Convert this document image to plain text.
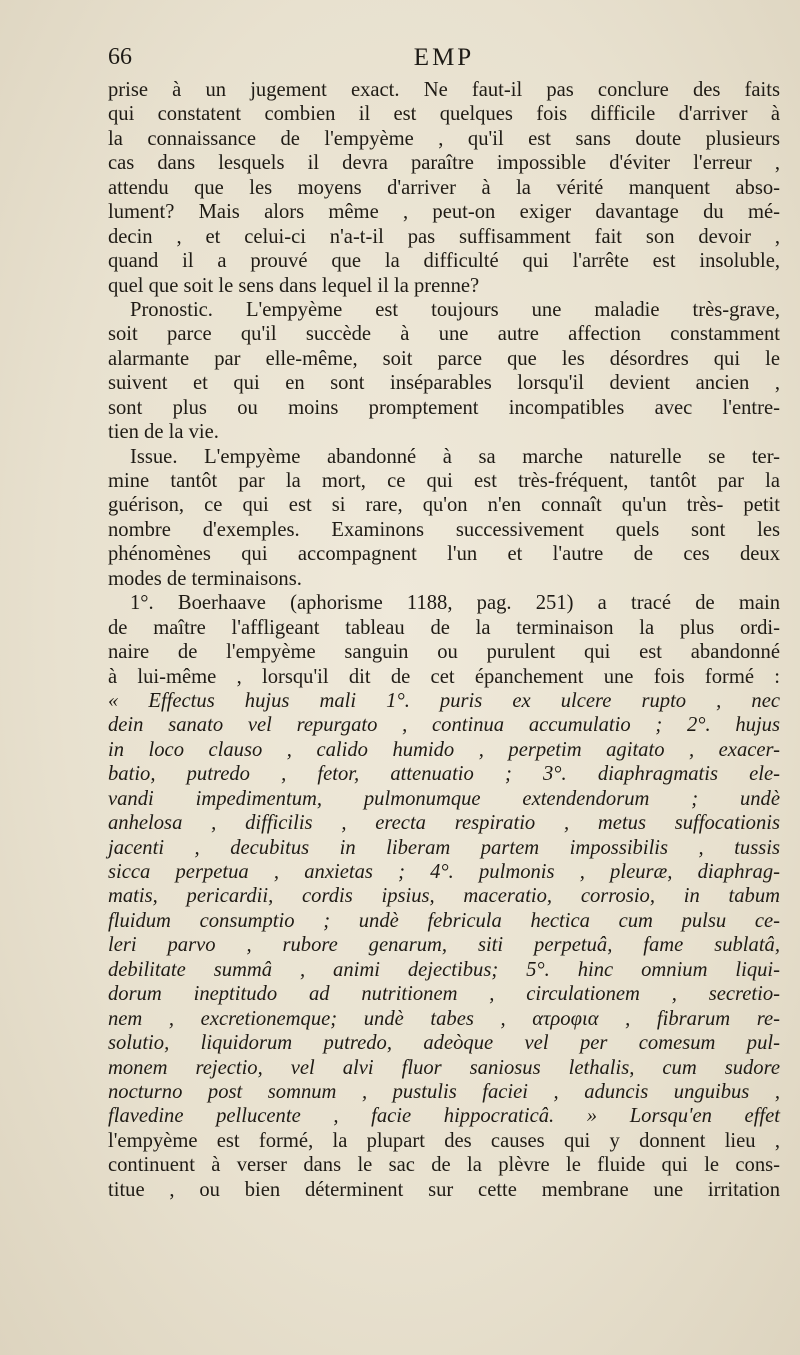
66	EMP
prise à un jugement exact. Ne faut-il pas conclure des faits
qui constatent combien il est quelques fois difficile d'arriver à
la connaissance de l'empyème , qu'il est sans doute plusieurs
cas dans lesquels il devra paraître impossible d'éviter l'erreur ,
attendu que les moyens d'arriver à la vérité manquent abso-
lument? Mais alors même , peut-on exiger davantage du mé-
decin , et celui-ci n'a-t-il pas suffisamment fait son devoir ,
quand il a prouvé que la difficulté qui l'arrête est insoluble,
quel que soit le sens dans lequel il la prenne?
Pronostic. L'empyème est toujours une maladie très-grave,
soit parce qu'il succède à une autre affection constamment
alarmante par elle-même, soit parce que les désordres qui le
suivent et qui en sont inséparables lorsqu'il devient ancien ,
sont plus ou moins promptement incompatibles avec l'entre-
tien de la vie.
Issue. L'empyème abandonné à sa marche naturelle se ter-
mine tantôt par la mort, ce qui est très-fréquent, tantôt par la
guérison, ce qui est si rare, qu'on n'en connaît qu'un très- petit
nombre d'exemples. Examinons successivement quels sont les
phénomènes qui accompagnent l'un et l'autre de ces deux
modes de terminaisons.
1°. Boerhaave (aphorisme 1188, pag. 251) a tracé de main
de maître l'affligeant tableau de la terminaison la plus ordi-
naire de l'empyème sanguin ou purulent qui est abandonné
à lui-même , lorsqu'il dit de cet épanchement une fois formé :
« Effectus hujus mali 1°. puris ex ulcere rupto , nec
dein sanato vel repurgato , continua accumulatio ; 2°. hujus
in loco clauso , calido humido , perpetim agitato , exacer-
batio, putredo , fetor, attenuatio ; 3°. diaphragmatis ele-
vandi impedimentum, pulmonumque extendendorum ; undè
anhelosa , difficilis , erecta respiratio , metus suffocationis
jacenti , decubitus in liberam partem impossibilis , tussis
sicca perpetua , anxietas ; 4°. pulmonis , pleuræ, diaphrag-
matis, pericardii, cordis ipsius, maceratio, corrosio, in tabum
fluidum consumptio ; undè febricula hectica cum pulsu ce-
leri parvo , rubore genarum, siti perpetuâ, fame sublatâ,
debilitate summâ , animi dejectibus; 5°. hinc omnium liqui-
dorum ineptitudo ad nutritionem , circulationem , secretio-
nem , excretionemque; undè tabes , ατροφια , fibrarum re-
solutio, liquidorum putredo, adeòque vel per comesum pul-
monem rejectio, vel alvi fluor saniosus lethalis, cum sudore
nocturno post somnum , pustulis faciei , aduncis unguibus ,
flavedine pellucente , facie hippocraticâ. » Lorsqu'en effet
l'empyème est formé, la plupart des causes qui y donnent lieu ,
continuent à verser dans le sac de la plèvre le fluide qui le cons-
titue , ou bien déterminent sur cette membrane une irritation
